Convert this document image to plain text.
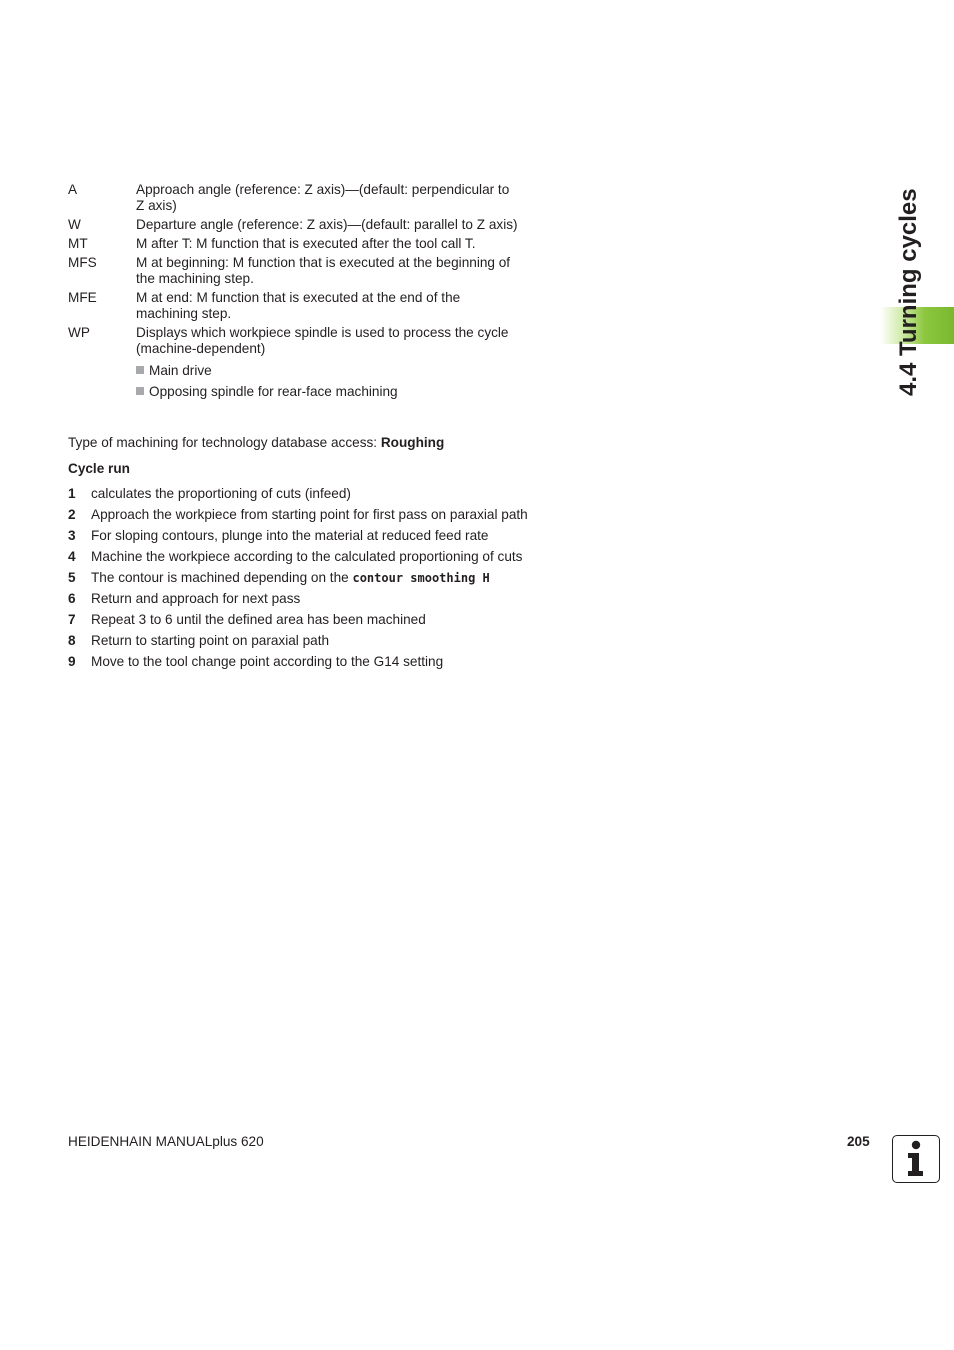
4.4 Turning cycles
A	Approach angle (reference: Z axis)—(default: perpendicular to Z axis)
W	Departure angle (reference: Z axis)—(default: parallel to Z axis)
MT	M after T: M function that is executed after the tool call T.
MFS	M at beginning: M function that is executed at the beginning of the machining step.
MFE	M at end: M function that is executed at the end of the machining step.
WP	Displays which workpiece spindle is used to process the cycle (machine-dependent)
Main drive
Opposing spindle for rear-face machining
Type of machining for technology database access: Roughing
Cycle run
1	calculates the proportioning of cuts (infeed)
2	Approach the workpiece from starting point for first pass on paraxial path
3	For sloping contours, plunge into the material at reduced feed rate
4	Machine the workpiece according to the calculated proportioning of cuts
5	The contour is machined depending on the contour smoothing H
6	Return and approach for next pass
7	Repeat 3 to 6 until the defined area has been machined
8	Return to starting point on paraxial path
9	Move to the tool change point according to the G14 setting
HEIDENHAIN MANUALplus 620	205
